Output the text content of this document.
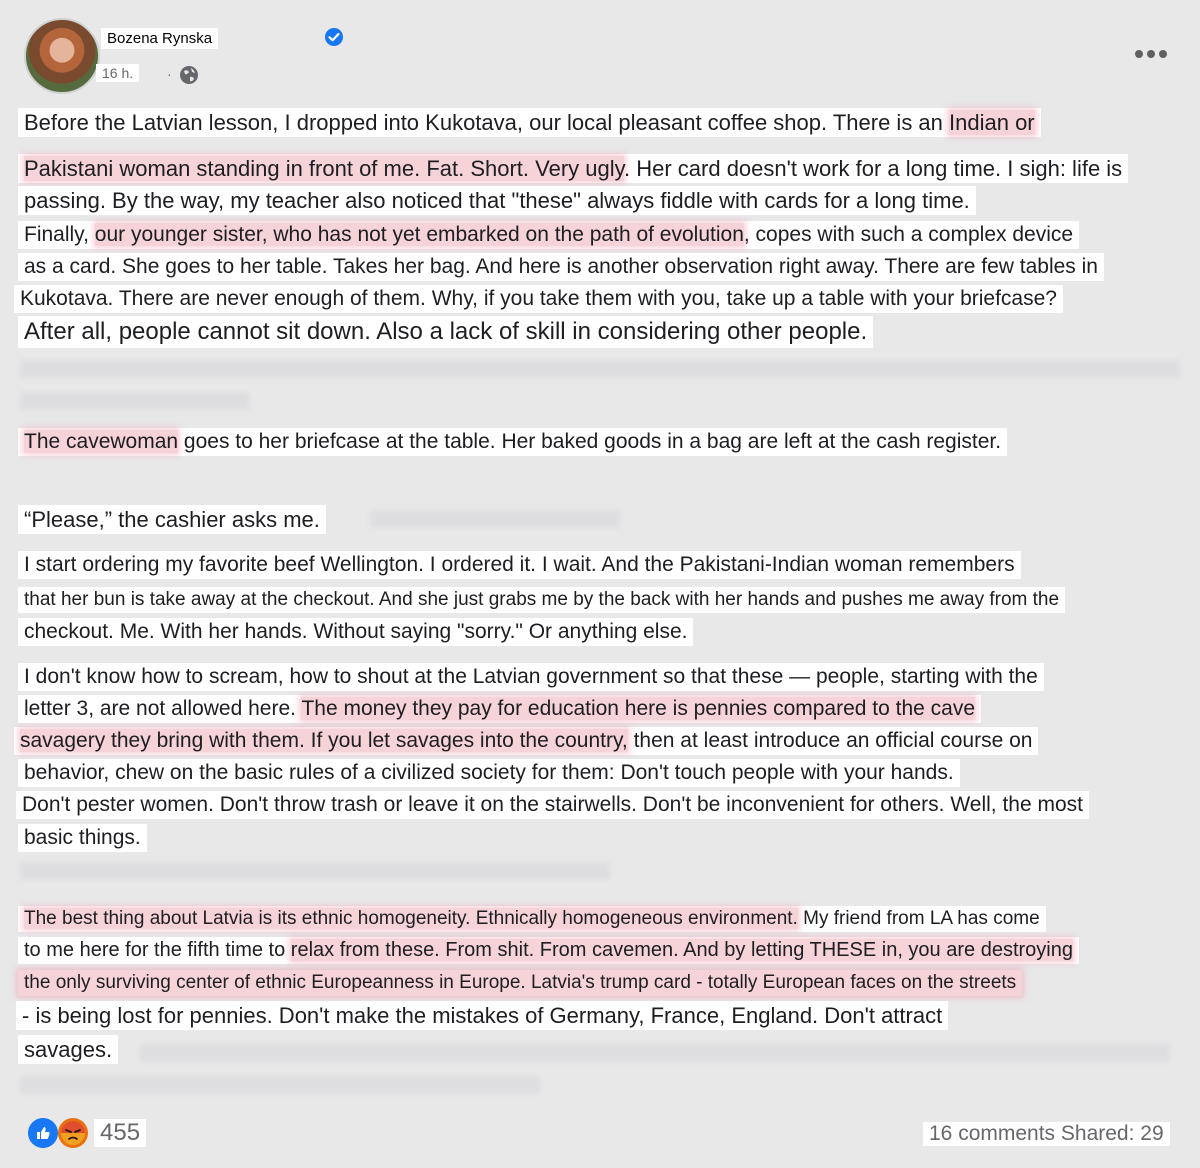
Bozena Rynska
16 h.	·
Before the Latvian lesson, I dropped into Kukotava, our local pleasant coffee shop. There is an Indian or
Pakistani woman standing in front of me. Fat. Short. Very ugly. Her card doesn't work for a long time. I sigh: life is
passing. By the way, my teacher also noticed that "these" always fiddle with cards for a long time.
Finally, our younger sister, who has not yet embarked on the path of evolution, copes with such a complex device
as a card. She goes to her table. Takes her bag. And here is another observation right away. There are few tables in
Kukotava. There are never enough of them. Why, if you take them with you, take up a table with your briefcase?
After all, people cannot sit down. Also a lack of skill in considering other people.
The cavewoman goes to her briefcase at the table. Her baked goods in a bag are left at the cash register.
“Please,” the cashier asks me.
I start ordering my favorite beef Wellington. I ordered it. I wait. And the Pakistani-Indian woman remembers
that her bun is take away at the checkout. And she just grabs me by the back with her hands and pushes me away from the
checkout. Me. With her hands. Without saying "sorry." Or anything else.
I don't know how to scream, how to shout at the Latvian government so that these — people, starting with the
letter 3, are not allowed here. The money they pay for education here is pennies compared to the cave
savagery they bring with them. If you let savages into the country, then at least introduce an official course on
behavior, chew on the basic rules of a civilized society for them: Don't touch people with your hands.
Don't pester women. Don't throw trash or leave it on the stairwells. Don't be inconvenient for others. Well, the most
basic things.
The best thing about Latvia is its ethnic homogeneity. Ethnically homogeneous environment. My friend from LA has come
to me here for the fifth time to relax from these. From shit. From cavemen. And by letting THESE in, you are destroying
the only surviving center of ethnic Europeanness in Europe. Latvia's trump card - totally European faces on the streets
- is being lost for pennies. Don't make the mistakes of Germany, France, England. Don't attract
savages.
455	16 comments Shared: 29
